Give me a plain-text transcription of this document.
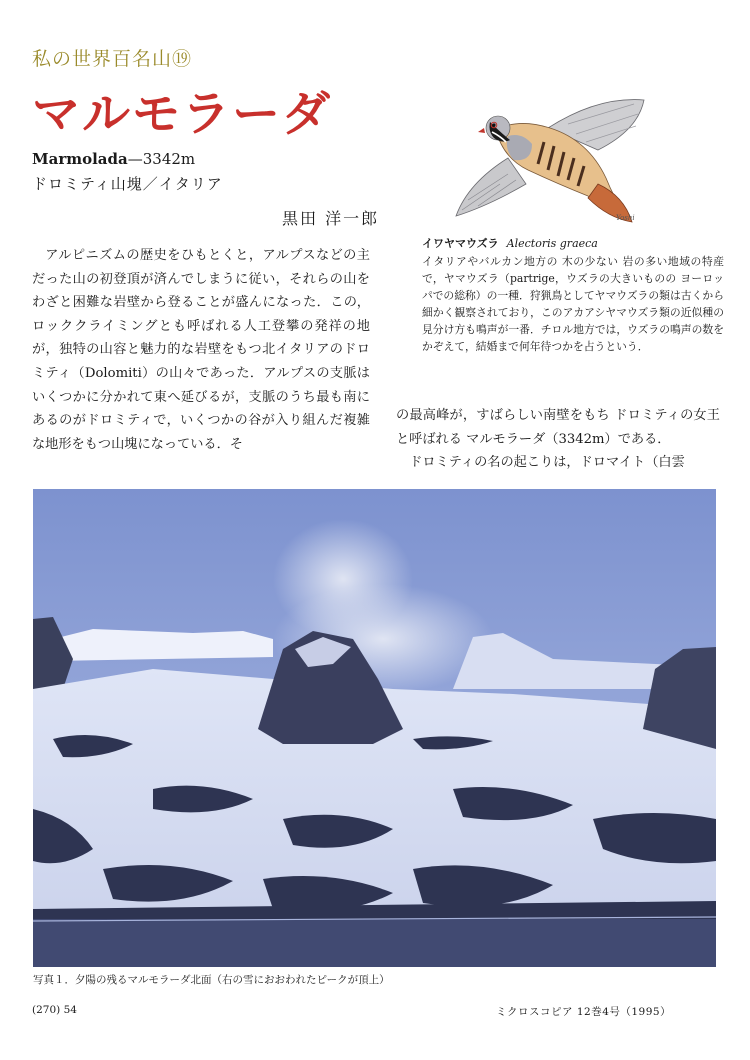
私の世界百名山⑲
マルモラーダ
Marmolada—3342m
ドロミティ山塊／イタリア
黒田 洋一郎	Yoshi
イワヤマウズラ Alectoris graeca
イタリアやバルカン地方の 木の少ない 岩の多い地域の特産で，ヤマウズラ（partrige，ウズラの大きいものの ヨーロッパでの総称）の一種．狩猟鳥としてヤマウズラの類は古くから細かく観察されており，このアカアシヤマウズラ類の近似種の見分け方も鳴声が一番．チロル地方では，ウズラの鳴声の数をかぞえて，結婚まで何年待つかを占うという．

アルピニズムの歴史をひもとくと，アルプスなどの主だった山の初登頂が済んでしまうに従い，それらの山を わざと困難な岩壁から登ることが盛んになった．この，ロッククライミングとも呼ばれる人工登攀の発祥の地が，独特の山容と魅力的な岩壁をもつ北イタリアのドロミティ（Dolomiti）の山々であった．アルプスの支脈はいくつかに分かれて東へ延びるが，支脈のうち最も南にあるのがドロミティで，いくつかの谷が入り組んだ複雑な地形をもつ山塊になっている．そ

の最高峰が，すばらしい南壁をもち ドロミティの女王と呼ばれる マルモラーダ（3342m）である．

ドロミティの名の起こりは，ドロマイト（白雲

写真１．夕陽の残るマルモラーダ北面（右の雪におおわれたピークが頂上）
(270) 54	ミクロスコピア 12巻4号（1995）
